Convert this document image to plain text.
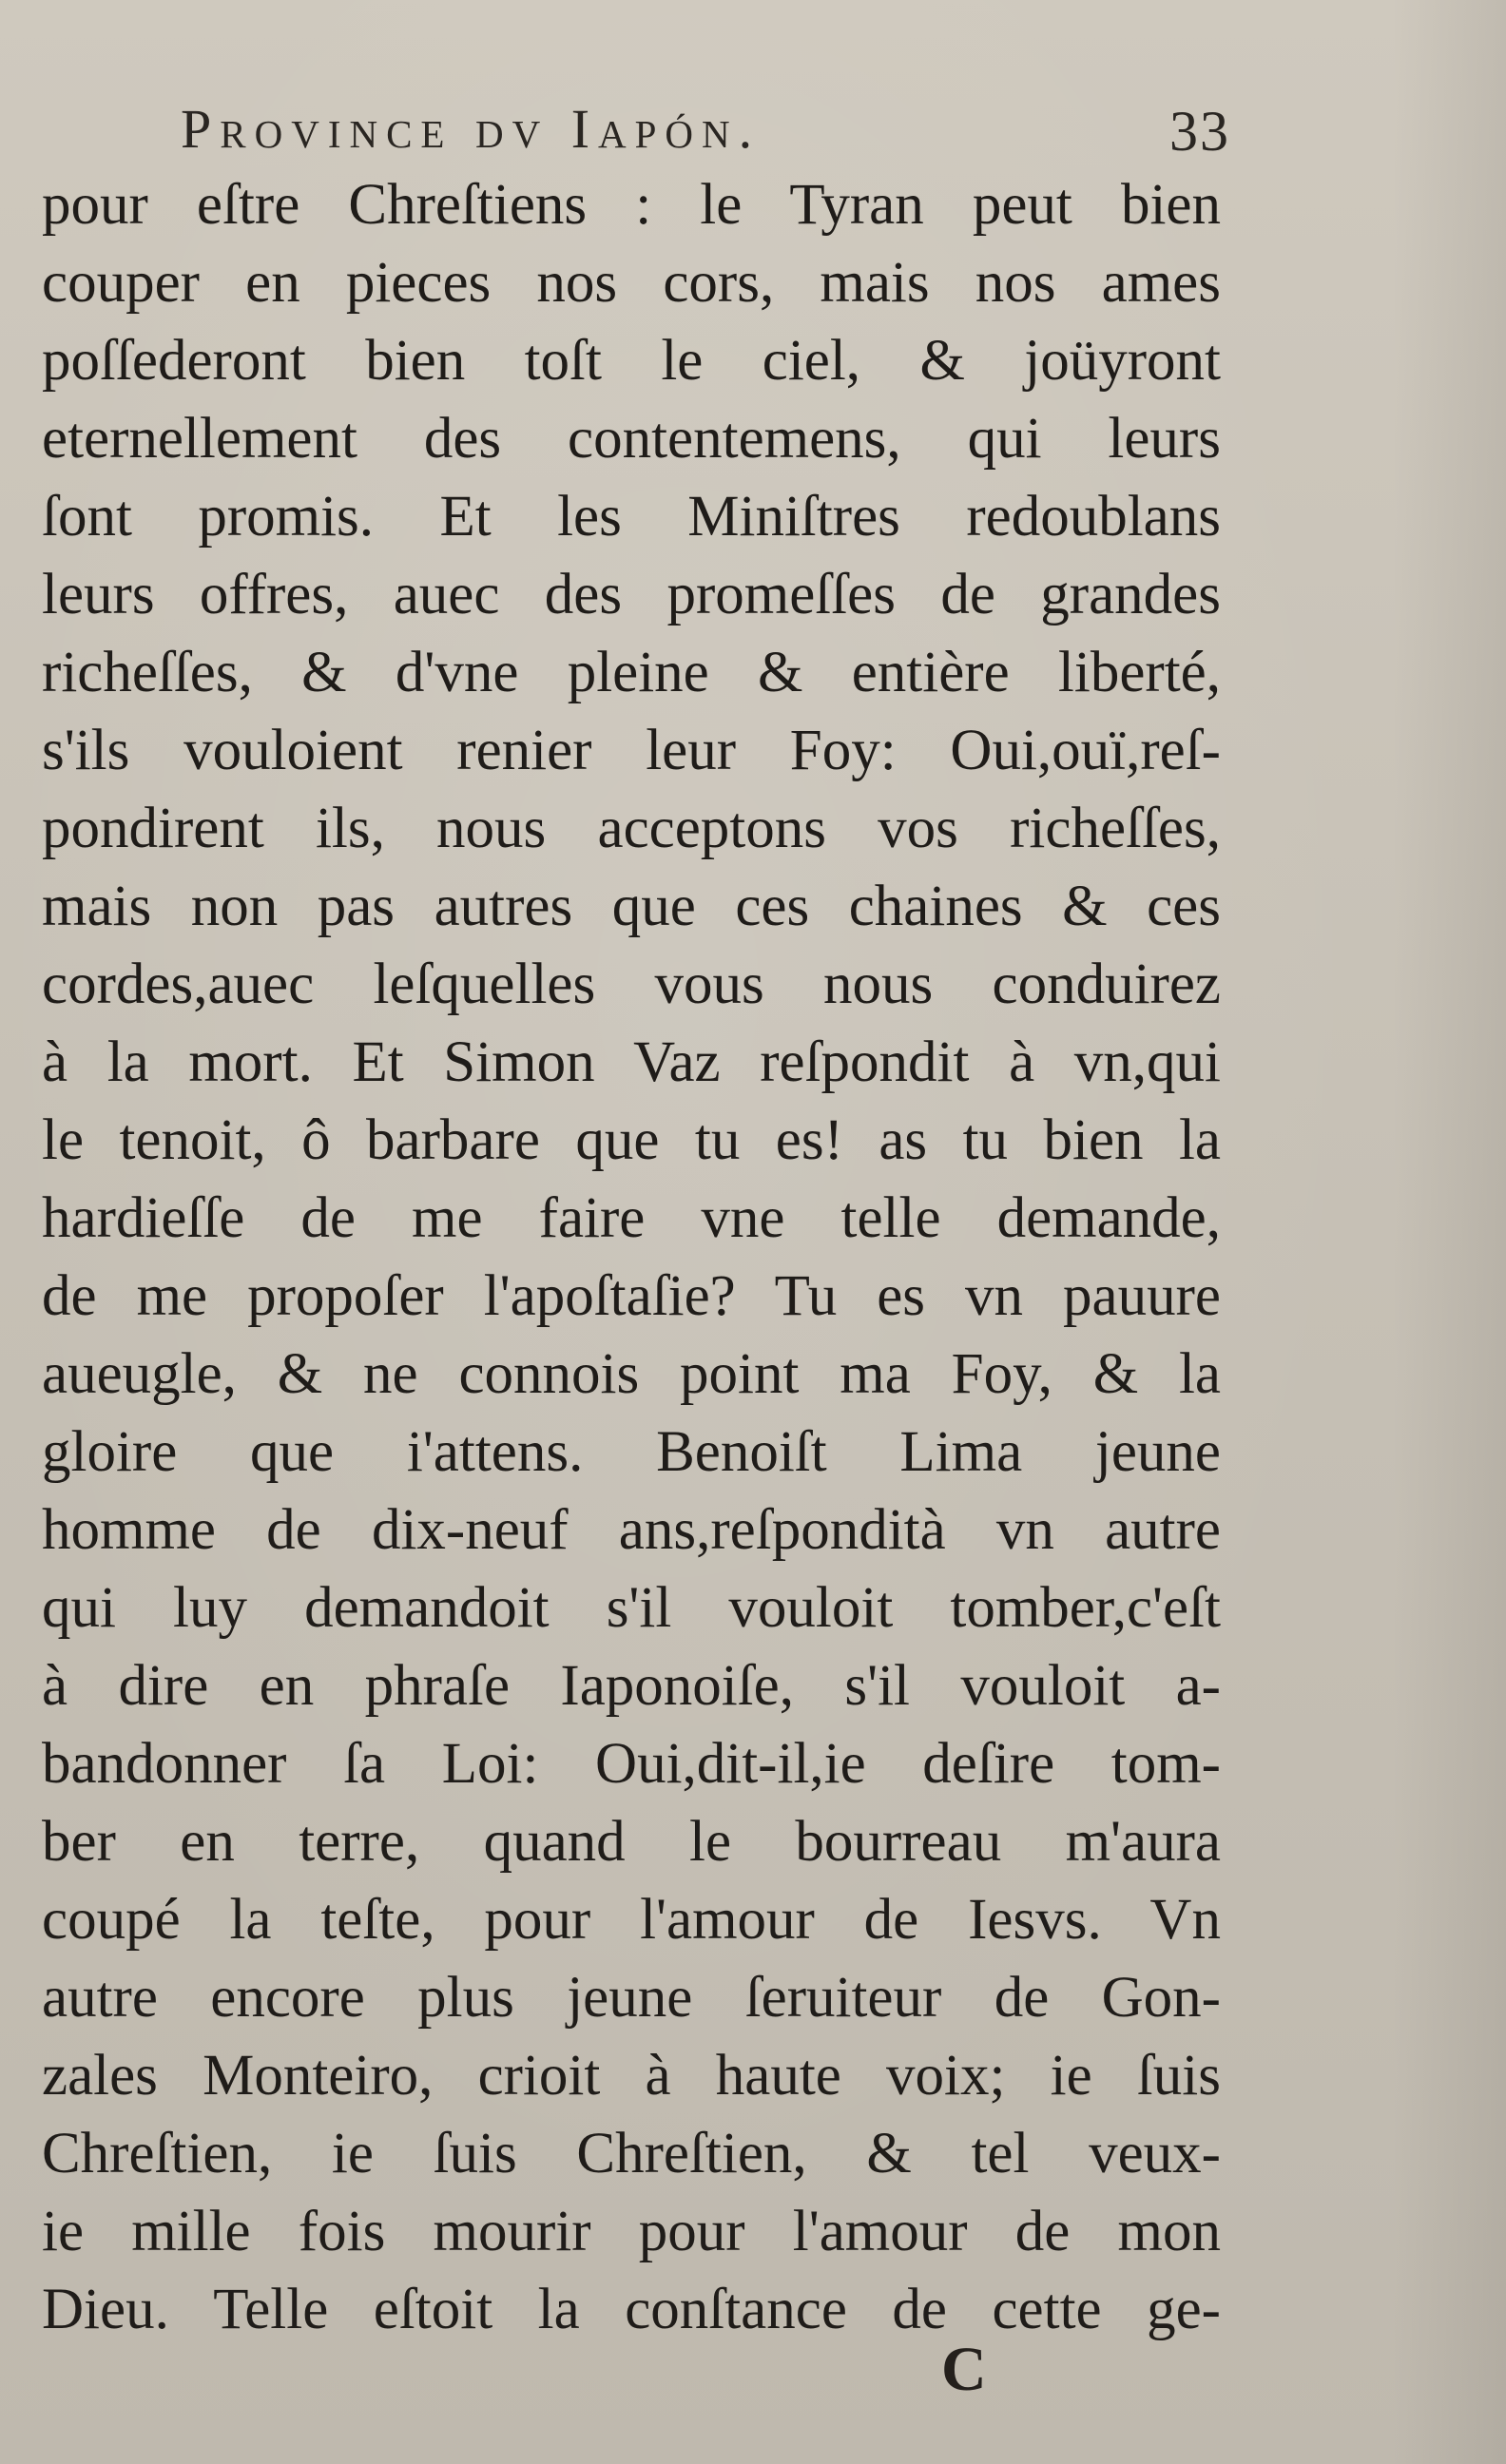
Province dv Iapón.	33
pour eſtre Chreſtiens : le Tyran peut bien
couper en pieces nos cors, mais nos ames
poſſederont bien toſt le ciel, & joüyront
eternellement des contentemens, qui leurs
ſont promis. Et les Miniſtres redoublans
leurs offres, auec des promeſſes de grandes
richeſſes, & d'vne pleine & entière liberté,
s'ils vouloient renier leur Foy: Oui,ouï,reſ-
pondirent ils, nous acceptons vos richeſſes,
mais non pas autres que ces chaines & ces
cordes,auec leſquelles vous nous conduirez
à la mort. Et Simon Vaz reſpondit à vn,qui
le tenoit, ô barbare que tu es! as tu bien la
hardieſſe de me faire vne telle demande,
de me propoſer l'apoſtaſie? Tu es vn pauure
aueugle, & ne connois point ma Foy, & la
gloire que i'attens. Benoiſt Lima jeune
homme de dix-neuf ans,reſpondità vn autre
qui luy demandoit s'il vouloit tomber,c'eſt
à dire en phraſe Iaponoiſe, s'il vouloit a-
bandonner ſa Loi: Oui,dit-il,ie deſire tom-
ber en terre, quand le bourreau m'aura
coupé la teſte, pour l'amour de Iesvs. Vn
autre encore plus jeune ſeruiteur de Gon-
zales Monteiro, crioit à haute voix; ie ſuis
Chreſtien, ie ſuis Chreſtien, & tel veux-
ie mille fois mourir pour l'amour de mon
Dieu. Telle eſtoit la conſtance de cette ge-
C
